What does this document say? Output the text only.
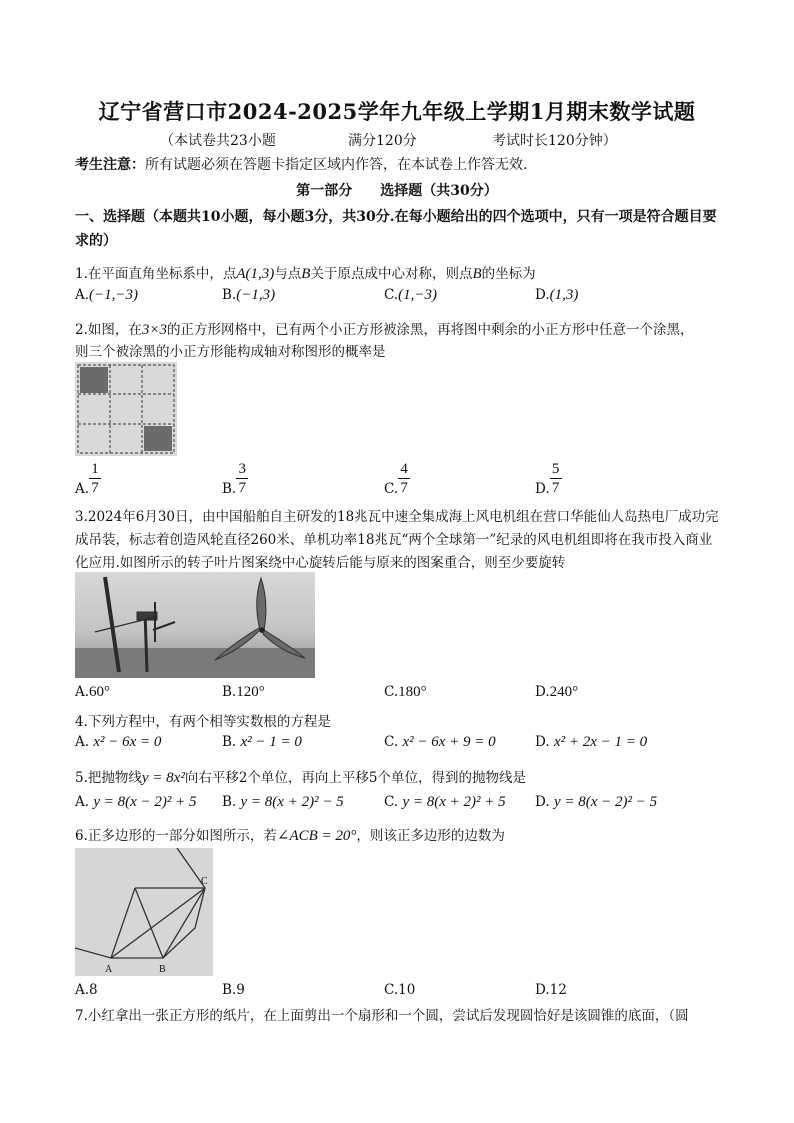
辽宁省营口市2024-2025学年九年级上学期1月期末数学试题
（本试卷共23小题	满分120分	考试时长120分钟）
考生注意：所有试题必须在答题卡指定区域内作答，在本试卷上作答无效.
第一部分　　选择题（共30分）
一、选择题（本题共10小题，每小题3分，共30分.在每小题给出的四个选项中，只有一项是符合题目要求的）
1.在平面直角坐标系中，点A(1,3)与点B关于原点成中心对称，则点B的坐标为
A.(−1,−3)	B.(−1,3)	C.(1,−3)	D.(1,3)
2.如图，在3×3的正方形网格中，已有两个小正方形被涂黑，再将图中剩余的小正方形中任意一个涂黑，
则三个被涂黑的小正方形能构成轴对称图形的概率是
A. $\frac{1}{7}$	B. $\frac{3}{7}$	C. $\frac{4}{7}$	D. $\frac{5}{7}$
3.2024年6月30日，由中国船舶自主研发的18兆瓦中速全集成海上风电机组在营口华能仙人岛热电厂成功完成吊装，标志着创造风轮直径260米、单机功率18兆瓦“两个全球第一”纪录的风电机组即将在我市投入商业化应用.如图所示的转子叶片图案绕中心旋转后能与原来的图案重合，则至少要旋转
A.60°	B.120°	C.180°	D.240°
4.下列方程中，有两个相等实数根的方程是
A. x² − 6x = 0	B. x² − 1 = 0	C. x² − 6x + 9 = 0	D. x² + 2x − 1 = 0
5.把抛物线y = 8x²向右平移2个单位，再向上平移5个单位，得到的抛物线是
A. y = 8(x − 2)² + 5 B. y = 8(x + 2)² − 5	C. y = 8(x + 2)² + 5 D. y = 8(x − 2)² − 5
6.正多边形的一部分如图所示，若∠ACB = 20°，则该正多边形的边数为
A	B
C
A.8	B.9	C.10	D.12
7.小红拿出一张正方形的纸片，在上面剪出一个扇形和一个圆，尝试后发现圆恰好是该圆锥的底面，（圆
